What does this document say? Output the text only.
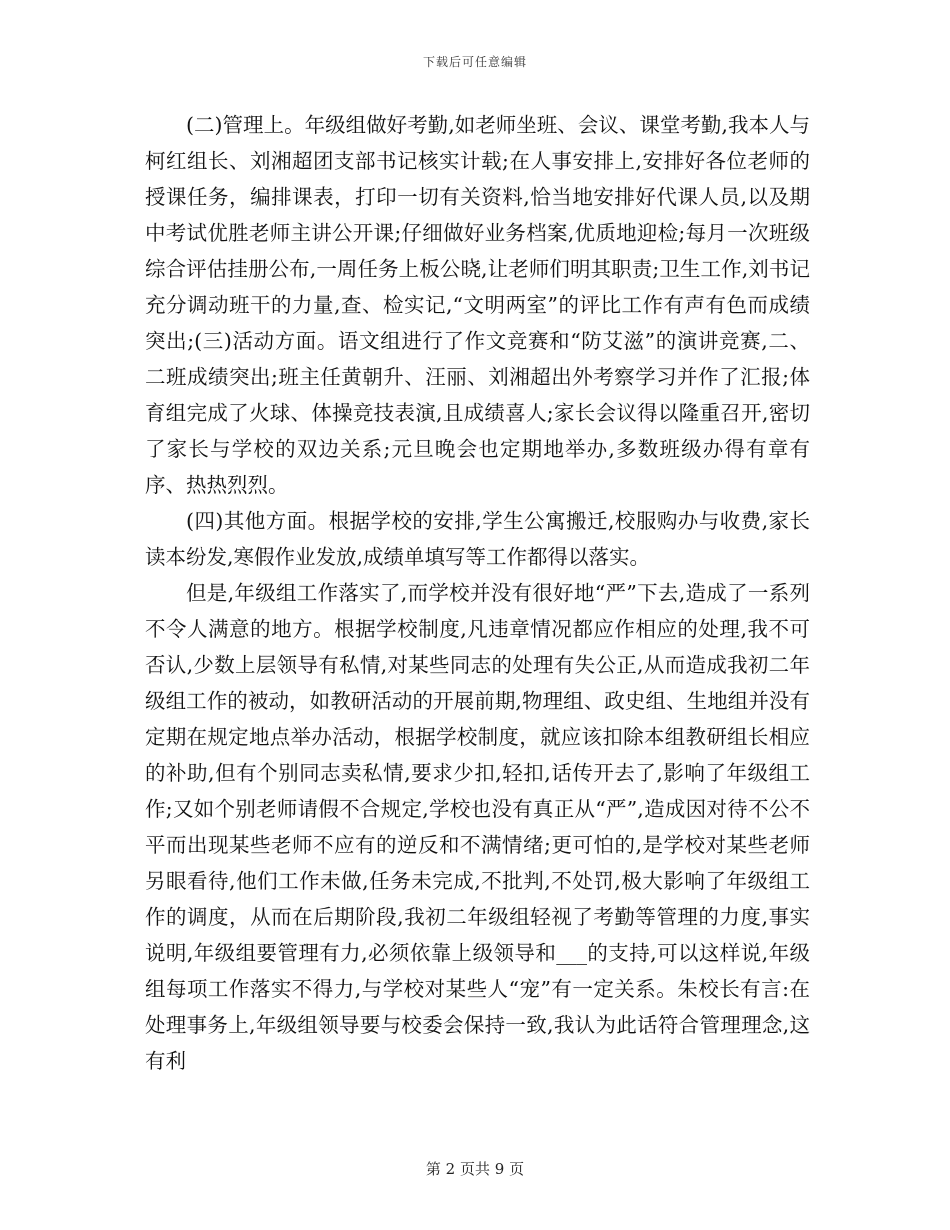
下载后可任意编辑

(二)管理上。年级组做好考勤,如老师坐班、会议、课堂考勤,我本人与柯红组长、刘湘超团支部书记核实计载;在人事安排上,安排好各位老师的授课任务，编排课表，打印一切有关资料,恰当地安排好代课人员,以及期中考试优胜老师主讲公开课;仔细做好业务档案,优质地迎检;每月一次班级综合评估挂册公布,一周任务上板公晓,让老师们明其职责;卫生工作,刘书记充分调动班干的力量,查、检实记,“文明两室”的评比工作有声有色而成绩突出;(三)活动方面。语文组进行了作文竞赛和“防艾滋”的演讲竞赛,二、二班成绩突出;班主任黄朝升、汪丽、刘湘超出外考察学习并作了汇报;体育组完成了火球、体操竞技表演,且成绩喜人;家长会议得以隆重召开,密切了家长与学校的双边关系;元旦晚会也定期地举办,多数班级办得有章有序、热热烈烈。

(四)其他方面。根据学校的安排,学生公寓搬迁,校服购办与收费,家长读本纷发,寒假作业发放,成绩单填写等工作都得以落实。

但是,年级组工作落实了,而学校并没有很好地“严”下去,造成了一系列不令人满意的地方。根据学校制度,凡违章情况都应作相应的处理,我不可否认,少数上层领导有私情,对某些同志的处理有失公正,从而造成我初二年级组工作的被动，如教研活动的开展前期,物理组、政史组、生地组并没有定期在规定地点举办活动，根据学校制度，就应该扣除本组教研组长相应的补助,但有个别同志卖私情,要求少扣,轻扣,话传开去了,影响了年级组工作;又如个别老师请假不合规定,学校也没有真正从“严”,造成因对待不公不平而出现某些老师不应有的逆反和不满情绪;更可怕的,是学校对某些老师另眼看待,他们工作未做,任务未完成,不批判,不处罚,极大影响了年级组工作的调度，从而在后期阶段,我初二年级组轻视了考勤等管理的力度,事实说明,年级组要管理有力,必须依靠上级领导和___的支持,可以这样说,年级组每项工作落实不得力,与学校对某些人“宠”有一定关系。朱校长有言:在处理事务上,年级组领导要与校委会保持一致,我认为此话符合管理理念,这有利

第 2 页共 9 页
